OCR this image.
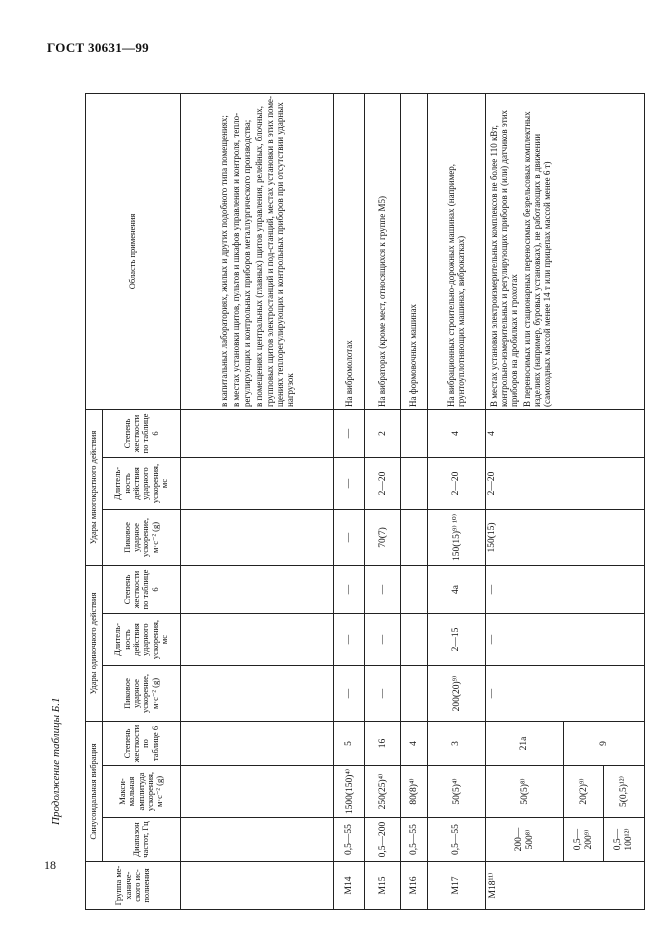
ГОСТ 30631—99
18
Продолжение таблицы Б.1
Группа ме-ханиче-ского ис-полнения	Синусоидальная вибрация			Удары одиночного действия			Удары многократного действия			Область применения
	Диапазон частот, Гц	Макси-мальная амплитуда ускорения, м·с⁻² (g)	Степень жесткости по таблице 6	Пиковое ударное ускорение, м·с⁻² (g)	Длитель-ность действия ударного ускорения, мс	Степень жесткости по таблице 6	Пиковое ударное ускорение, м·с⁻² (g)	Длитель-ность действия ударного ускорения, мс	Степень жесткости по таблице 6	

										в капитальных лабораториях, жилых и других подобного типа помещениях; в местах установки щитов, пультов и шкафов управления и контроля, тепло-регулирующих и контрольных приборов металлургического производства; в помещениях центральных (главных) щитов управления, релейных, блочных, групповых щитов электростанций и под-станций, местах установки в этих поме-щениях теплорегулирующих и контрольных приборов при отсутствии ударных нагрузок

М14	0,5—55	1500(150)⁴⁾	5	—	—	—	—	—	—	На вибромолотах
М15	0,5—200	250(25)⁴⁾	16	—	—	—	70(7)	2—20	2	На вибраторах (кроме мест, относящихся к группе М5)
М16	0,5—55	80(8)⁴⁾	4							На формовочных машинах
М17	0,5—55	50(5)⁴⁾	3	200(20)⁹⁾	2—15	4а	150(15)⁹⁾ ¹⁰⁾	2—20	4	На вибрационных строительно-дорожных машинах (например, грунтоуплотняющих машинах, виброкатках)
М18¹¹⁾	200—500⁸⁾	50(5)⁸⁾	21а	—	—	—	150(15)	2—20	4	В местах установки электроизмерительных комплексов не более 110 кВт, контрольно-измерительных и регулирующих приборов и (или) датчиков этих приборов на дробилках и грохотах В переносимых или стационарных переносимых безрельсовых комплектных изделиях (например, буровых установках), не работающих в движении (самоходных массой менее 14 т или прицепах массой менее 6 т)

	0,5—200⁹⁾	20(2)⁹⁾	9							
	0,5—100¹²⁾	5(0,5)¹²⁾								
